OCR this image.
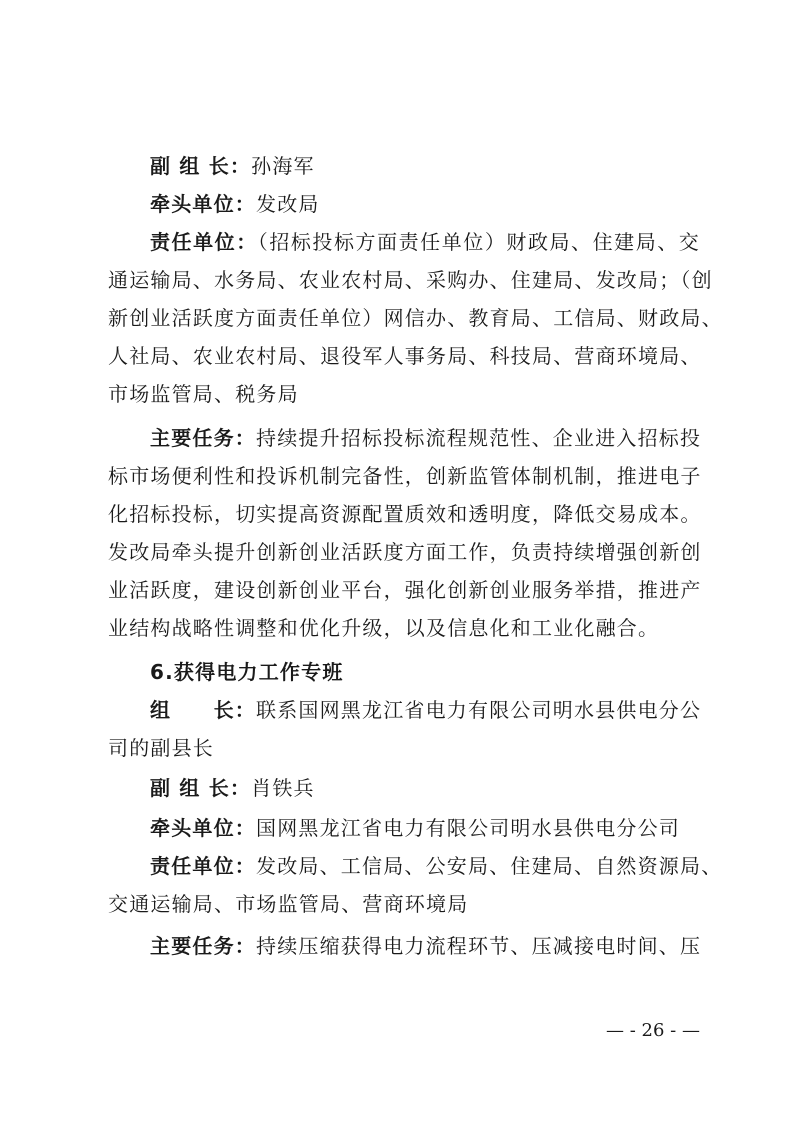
副 组 长：孙海军
牵头单位：发改局
责任单位：（招标投标方面责任单位）财政局、住建局、交
通运输局、水务局、农业农村局、采购办、住建局、发改局；（创
新创业活跃度方面责任单位）网信办、教育局、工信局、财政局、
人社局、农业农村局、退役军人事务局、科技局、营商环境局、
市场监管局、税务局
主要任务：持续提升招标投标流程规范性、企业进入招标投
标市场便利性和投诉机制完备性，创新监管体制机制，推进电子
化招标投标，切实提高资源配置质效和透明度，降低交易成本。
发改局牵头提升创新创业活跃度方面工作，负责持续增强创新创
业活跃度，建设创新创业平台，强化创新创业服务举措，推进产
业结构战略性调整和优化升级，以及信息化和工业化融合。
6.获得电力工作专班
组　　长：联系国网黑龙江省电力有限公司明水县供电分公
司的副县长
副 组 长：肖铁兵
牵头单位：国网黑龙江省电力有限公司明水县供电分公司
责任单位：发改局、工信局、公安局、住建局、自然资源局、
交通运输局、市场监管局、营商环境局
主要任务：持续压缩获得电力流程环节、压减接电时间、压
— - 26 - —
